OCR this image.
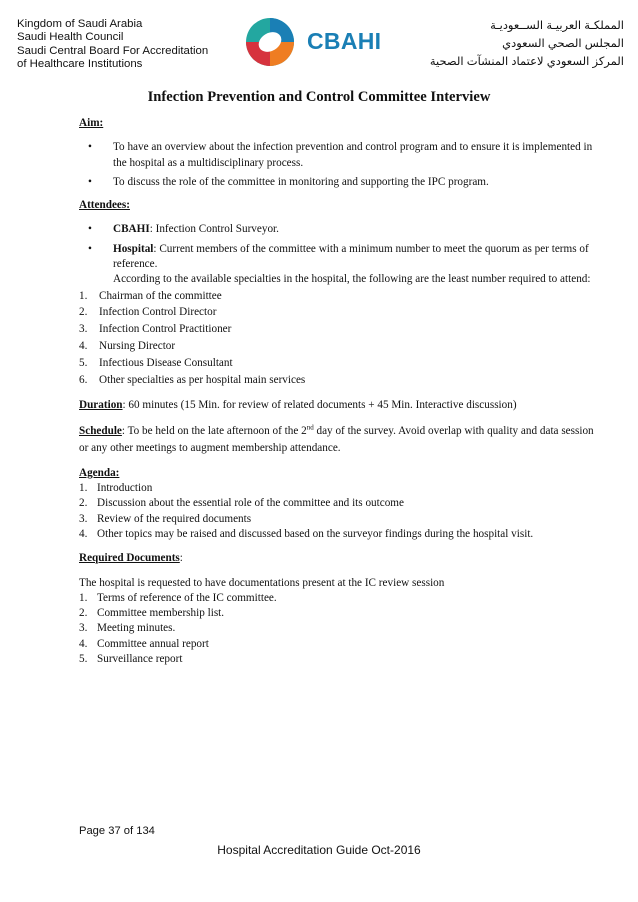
Kingdom of Saudi Arabia
Saudi Health Council
Saudi Central Board For Accreditation
of Healthcare Institutions
CBAHI
المملكـة العربيـة الســعوديـة
المجلس الصحي السعودي
المركز السعودي لاعتماد المنشآت الصحية
Infection Prevention and Control Committee Interview
Aim:
• To have an overview about the infection prevention and control program and to ensure it is implemented in the hospital as a multidisciplinary process.
• To discuss the role of the committee in monitoring and supporting the IPC program.
Attendees:
• CBAHI: Infection Control Surveyor.
• Hospital: Current members of the committee with a minimum number to meet the quorum as per terms of reference.
According to the available specialties in the hospital, the following are the least number required to attend:
1. Chairman of the committee
2. Infection Control Director
3. Infection Control Practitioner
4. Nursing Director
5. Infectious Disease Consultant
6. Other specialties as per hospital main services
Duration: 60 minutes (15 Min. for review of related documents + 45 Min. Interactive discussion)
Schedule: To be held on the late afternoon of the 2nd day of the survey. Avoid overlap with quality and data session or any other meetings to augment membership attendance.
Agenda:
1. Introduction
2. Discussion about the essential role of the committee and its outcome
3. Review of the required documents
4. Other topics may be raised and discussed based on the surveyor findings during the hospital visit.
Required Documents:
The hospital is requested to have documentations present at the IC review session
1. Terms of reference of the IC committee.
2. Committee membership list.
3. Meeting minutes.
4. Committee annual report
5. Surveillance report
Page 37 of 134
Hospital Accreditation Guide Oct-2016
